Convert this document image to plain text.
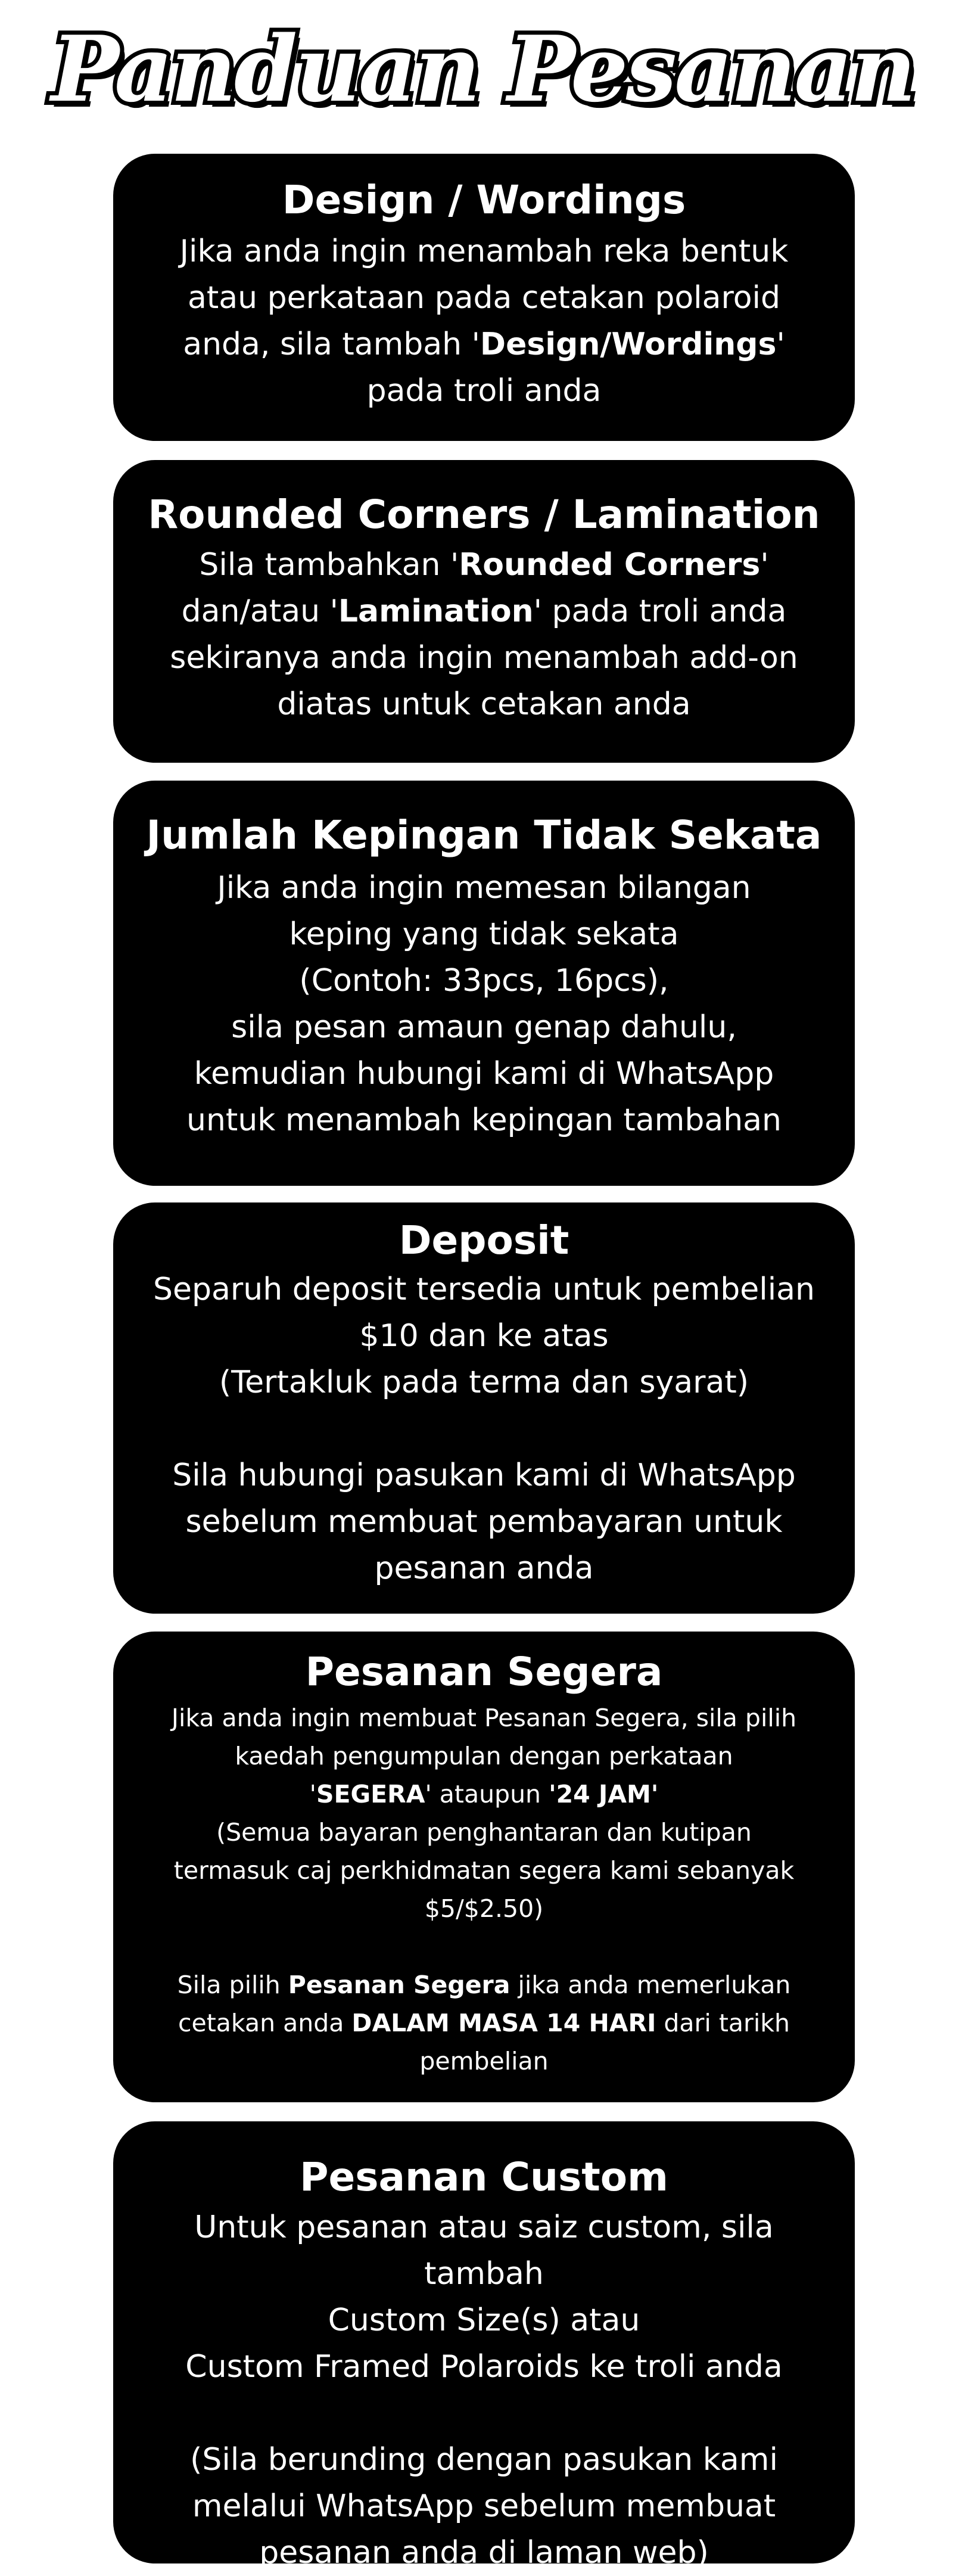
Panduan Pesanan
Design / Wordings
Jika anda ingin menambah reka bentuk
atau perkataan pada cetakan polaroid
anda, sila tambah 'Design/Wordings'
pada troli anda
Rounded Corners / Lamination
Sila tambahkan 'Rounded Corners'
dan/atau 'Lamination' pada troli anda
sekiranya anda ingin menambah add-on
diatas untuk cetakan anda
Jumlah Kepingan Tidak Sekata
Jika anda ingin memesan bilangan
keping yang tidak sekata
(Contoh: 33pcs, 16pcs),
sila pesan amaun genap dahulu,
kemudian hubungi kami di WhatsApp
untuk menambah kepingan tambahan
Deposit
Separuh deposit tersedia untuk pembelian
$10 dan ke atas
(Tertakluk pada terma dan syarat)
Sila hubungi pasukan kami di WhatsApp
sebelum membuat pembayaran untuk
pesanan anda
Pesanan Segera
Jika anda ingin membuat Pesanan Segera, sila pilih
kaedah pengumpulan dengan perkataan
'SEGERA' ataupun '24 JAM'
(Semua bayaran penghantaran dan kutipan
termasuk caj perkhidmatan segera kami sebanyak
$5/$2.50)
Sila pilih Pesanan Segera jika anda memerlukan
cetakan anda DALAM MASA 14 HARI dari tarikh
pembelian
Pesanan Custom
Untuk pesanan atau saiz custom, sila tambah
Custom Size(s) atau
Custom Framed Polaroids ke troli anda
(Sila berunding dengan pasukan kami
melalui WhatsApp sebelum membuat
pesanan anda di laman web)
